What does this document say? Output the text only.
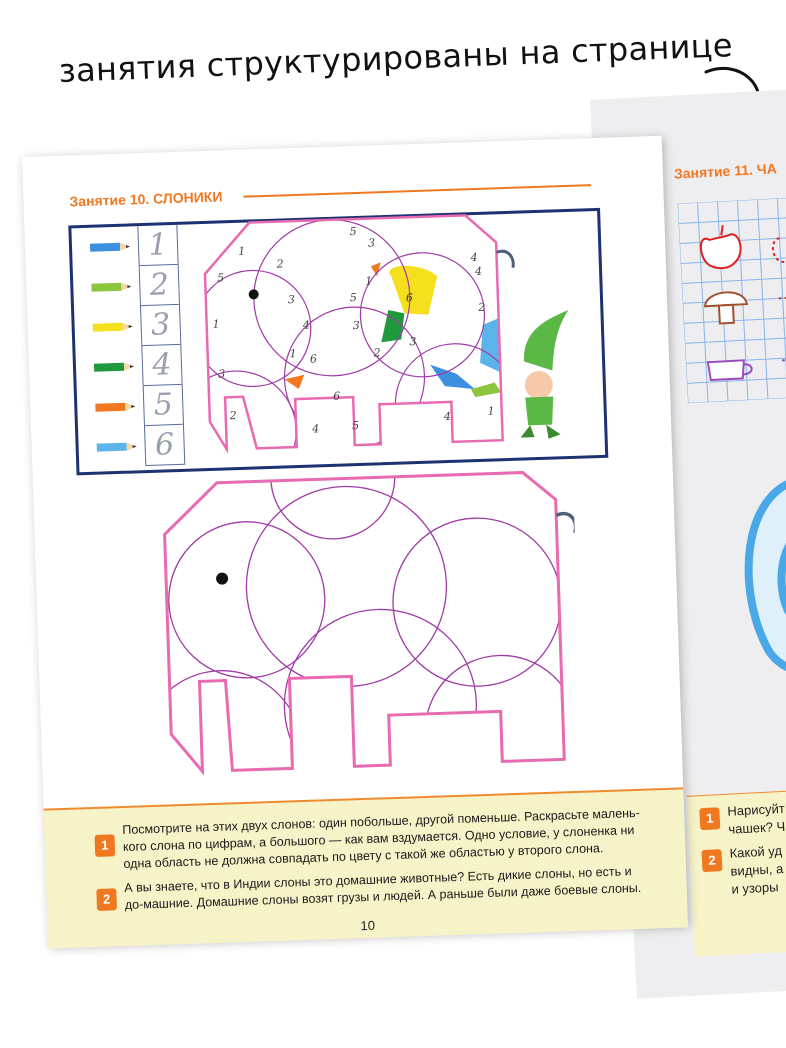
занятия структурированы на странице
Занятие 11. ЧА
1	Нарисуйт чашек? Ч
2	Какой уд видны, а и узоры
Занятие 10. СЛОНИКИ
1
2
3
4
5
6
1
2
5
3
5
4
4
3
1
5	6
2
1	4	3
1 6	2
3
3
2
6
4	5
4	1
1
Посмотрите на этих двух слонов: один побольше, другой поменьше. Раскрасьте малень-кого слона по цифрам, а большого — как вам вздумается. Одно условие, у слоненка ни одна область не должна совпадать по цвету с такой же областью у второго слона.
2
А вы знаете, что в Индии слоны это домашние животные? Есть дикие слоны, но есть и до-машние. Домашние слоны возят грузы и людей. А раньше были даже боевые слоны.
10
